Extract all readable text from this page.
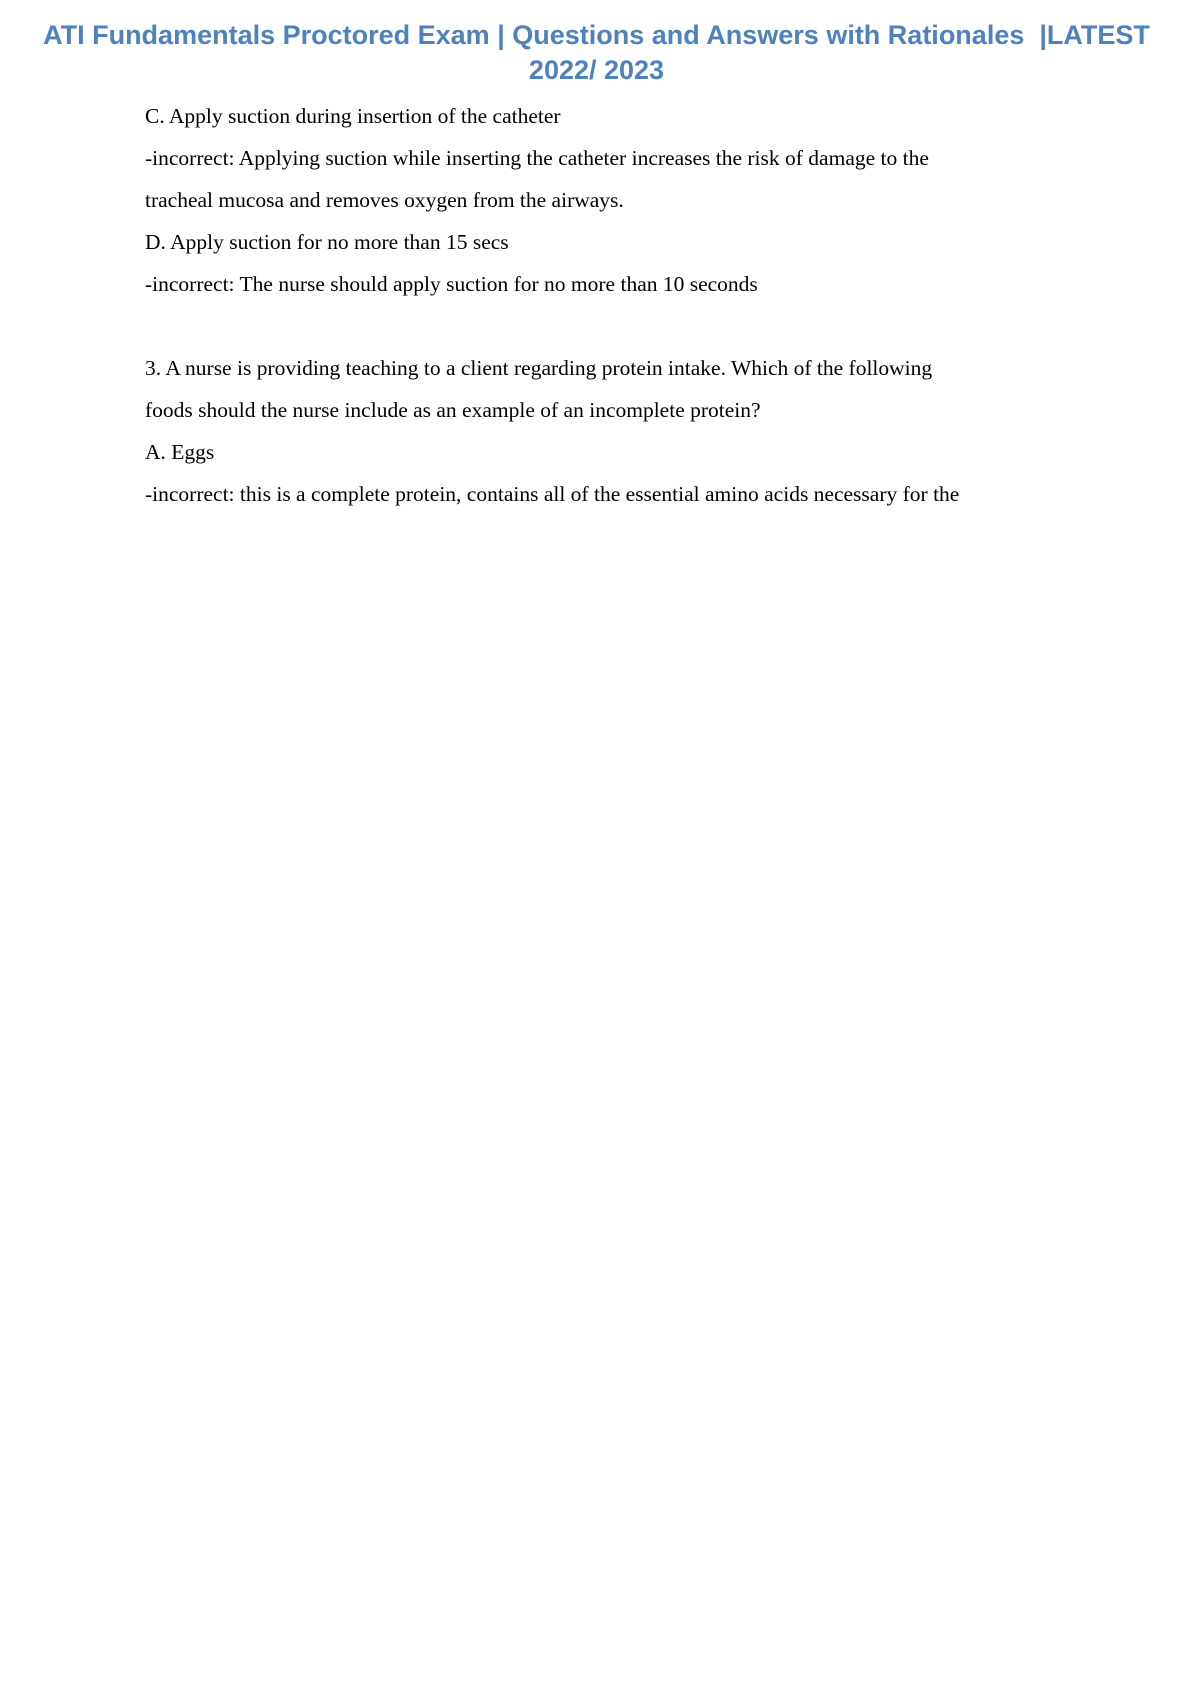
ATI Fundamentals Proctored Exam | Questions and Answers with Rationales  |LATEST
2022/ 2023

C. Apply suction during insertion of the catheter

-incorrect: Applying suction while inserting the catheter increases the risk of damage to the

tracheal mucosa and removes oxygen from the airways.

D. Apply suction for no more than 15 secs

-incorrect: The nurse should apply suction for no more than 10 seconds

3. A nurse is providing teaching to a client regarding protein intake. Which of the following

foods should the nurse include as an example of an incomplete protein?

A. Eggs

-incorrect: this is a complete protein, contains all of the essential amino acids necessary for the
